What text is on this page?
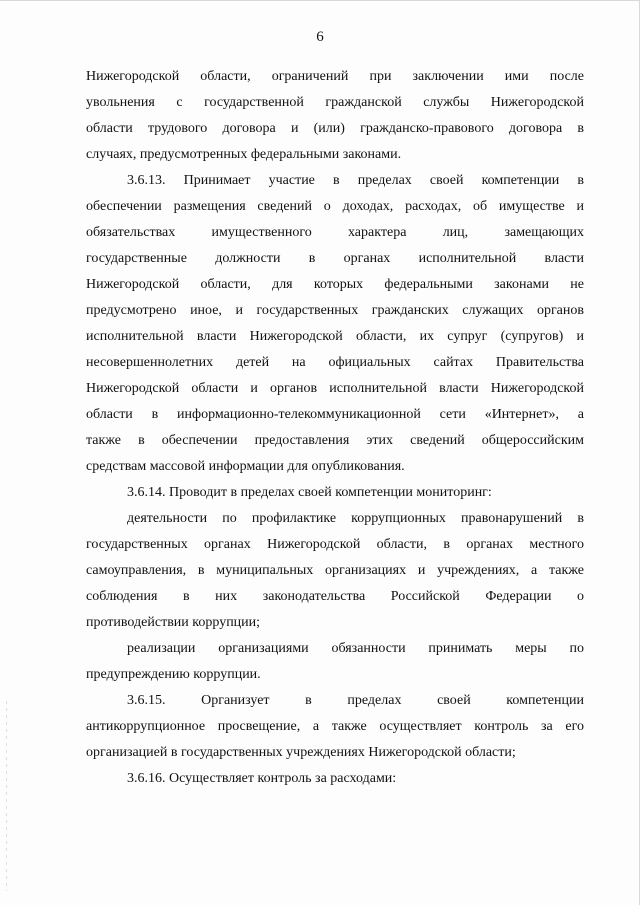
6
Нижегородской области, ограничений при заключении ими после
увольнения с государственной гражданской службы Нижегородской
области трудового договора и (или) гражданско-правового договора в
случаях, предусмотренных федеральными законами.
3.6.13. Принимает участие в пределах своей компетенции в
обеспечении размещения сведений о доходах, расходах, об имуществе и
обязательствах имущественного характера лиц, замещающих
государственные должности в органах исполнительной власти
Нижегородской области, для которых федеральными законами не
предусмотрено иное, и государственных гражданских служащих органов
исполнительной власти Нижегородской области, их супруг (супругов) и
несовершеннолетних детей на официальных сайтах Правительства
Нижегородской области и органов исполнительной власти Нижегородской
области в информационно-телекоммуникационной сети «Интернет», а
также в обеспечении предоставления этих сведений общероссийским
средствам массовой информации для опубликования.
3.6.14. Проводит в пределах своей компетенции мониторинг:
деятельности по профилактике коррупционных правонарушений в
государственных органах Нижегородской области, в органах местного
самоуправления, в муниципальных организациях и учреждениях, а также
соблюдения в них законодательства Российской Федерации о
противодействии коррупции;
реализации организациями обязанности принимать меры по
предупреждению коррупции.
3.6.15. Организует в пределах своей компетенции
антикоррупционное просвещение, а также осуществляет контроль за его
организацией в государственных учреждениях Нижегородской области;
3.6.16. Осуществляет контроль за расходами:
